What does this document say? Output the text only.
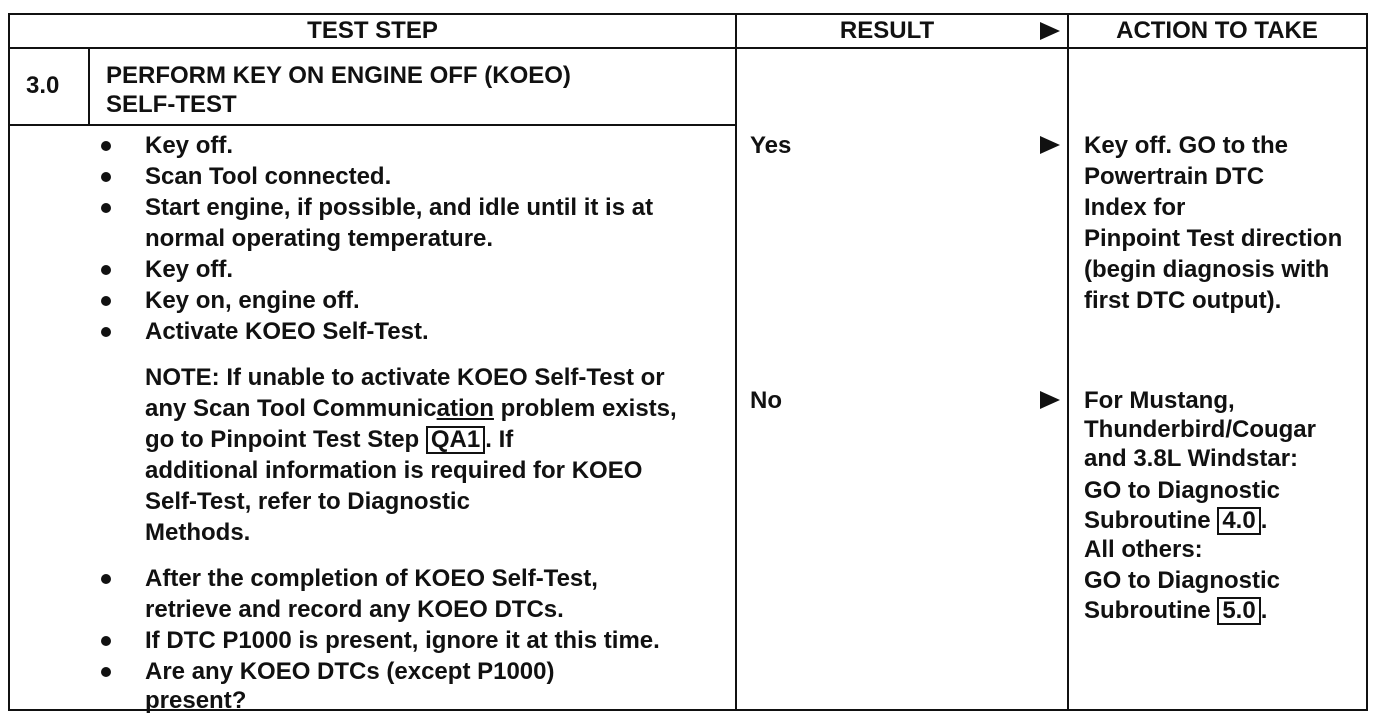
TEST STEP	RESULT	ACTION TO TAKE
3.0 PERFORM KEY ON ENGINE OFF (KOEO)
SELF-TEST
Key off.
Scan Tool connected.
Start engine, if possible, and idle until it is at
normal operating temperature.
Key off.
Key on, engine off.
Activate KOEO Self-Test.
NOTE: If unable to activate KOEO Self-Test or
any Scan Tool Communication problem exists,
go to Pinpoint Test Step QA1 . If
additional information is required for KOEO
Self-Test, refer to Diagnostic
Methods.
After the completion of KOEO Self-Test,
retrieve and record any KOEO DTCs.
If DTC P1000 is present, ignore it at this time.
Are any KOEO DTCs (except P1000)
present?
Yes
No
Key off. GO to the
Powertrain DTC
Index for
Pinpoint Test direction
(begin diagnosis with
first DTC output).
For Mustang,
Thunderbird/Cougar
and 3.8L Windstar:
GO to Diagnostic
Subroutine 4.0 .
All others:
GO to Diagnostic
Subroutine 5.0 .
